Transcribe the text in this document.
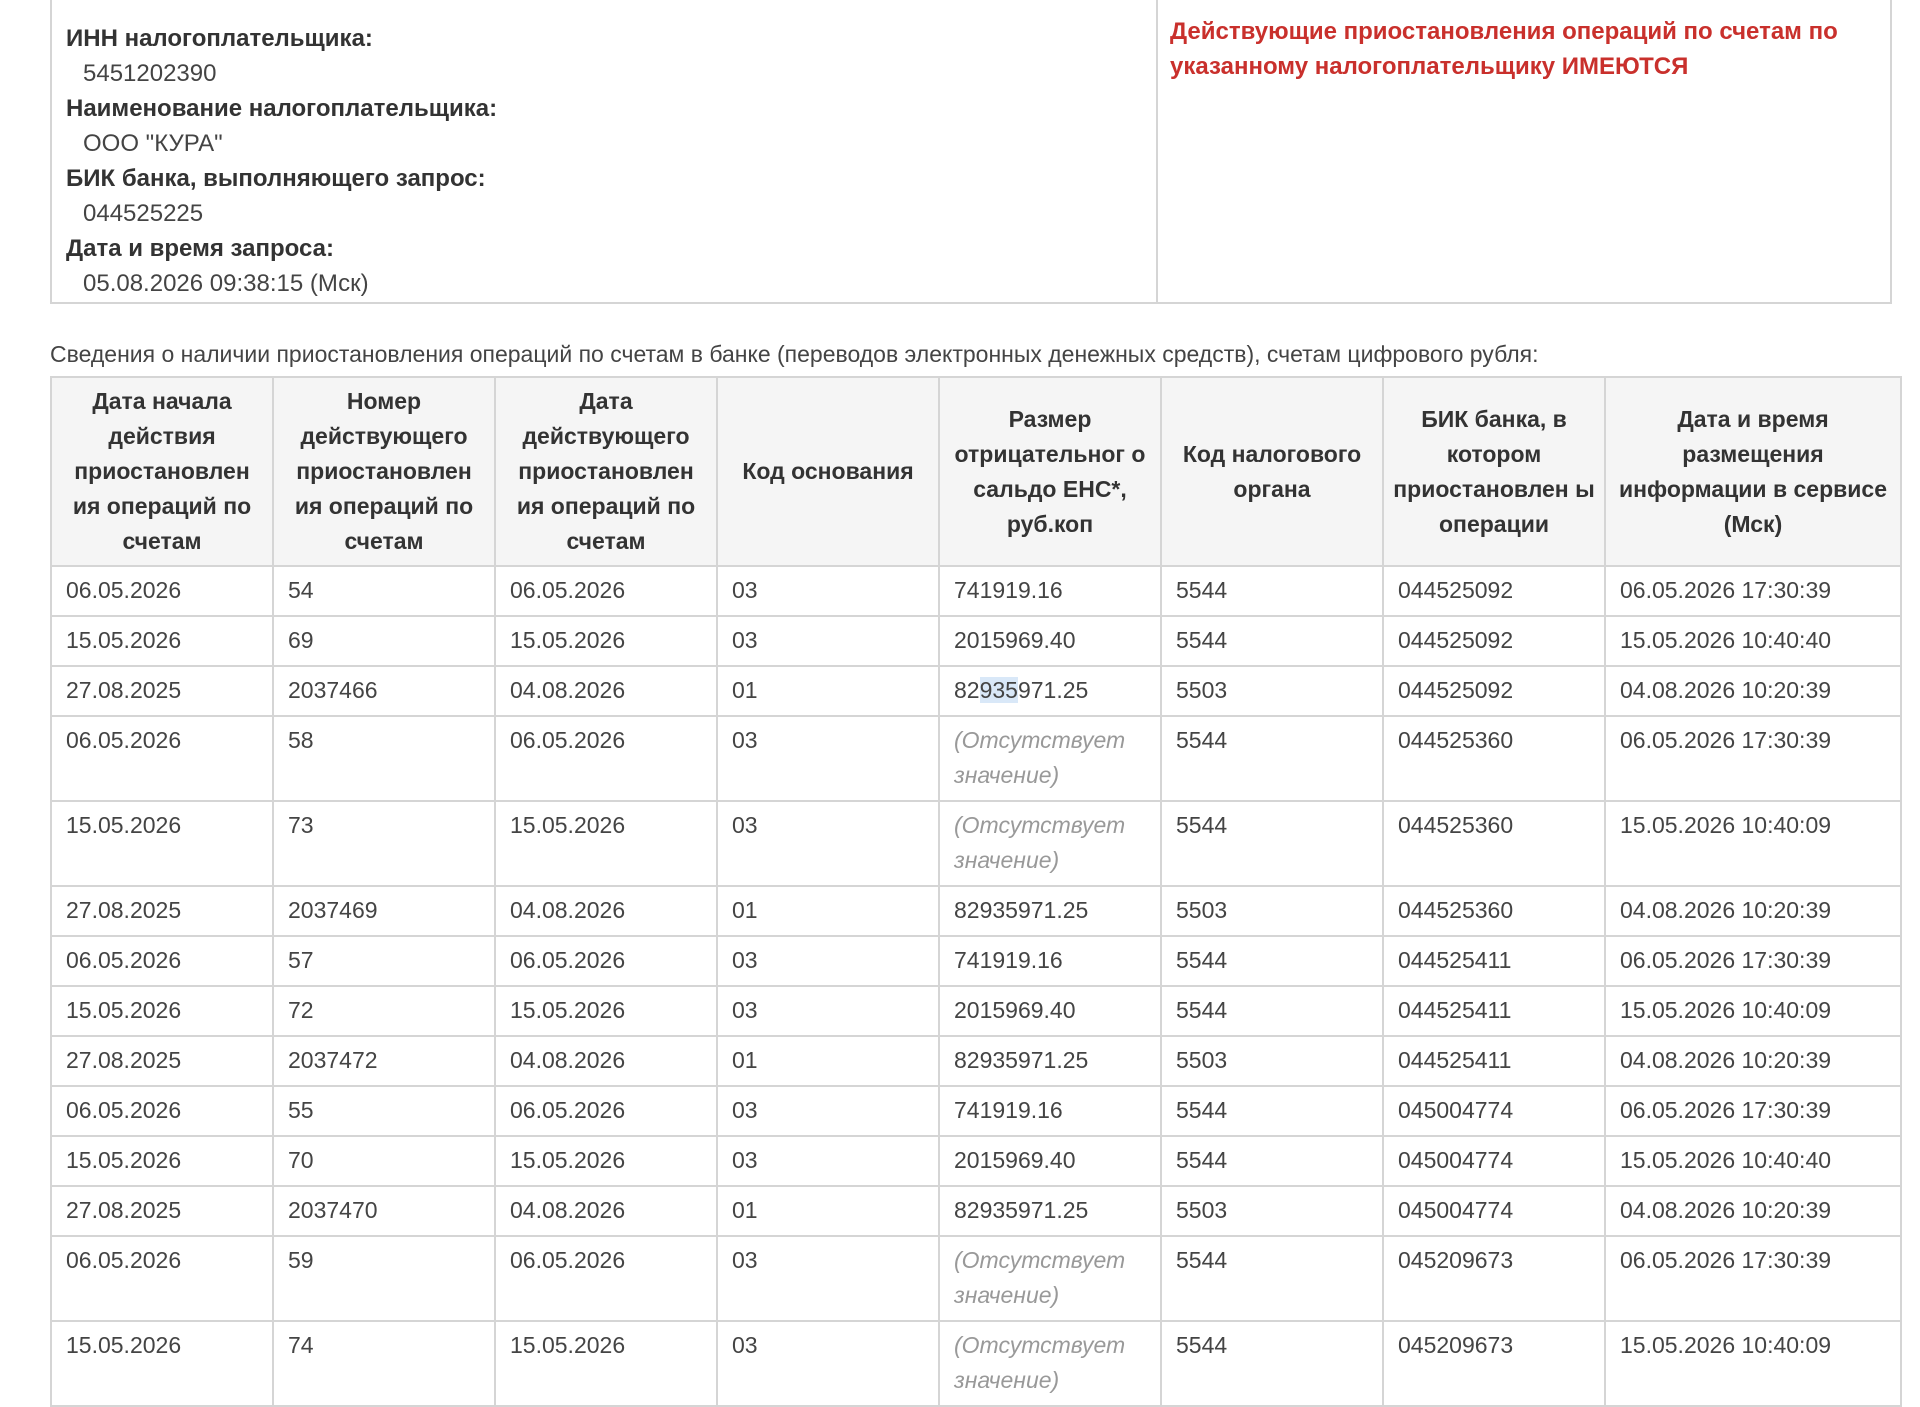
ИНН налогоплательщика:

5451202390

Наименование налогоплательщика:

ООО "КУРА"

БИК банка, выполняющего запрос:

044525225

Дата и время запроса:

05.08.2026 09:38:15 (Мск)

Действующие приостановления операций по счетам по указанному налогоплательщику ИМЕЮТСЯ
Сведения о наличии приостановления операций по счетам в банке (переводов электронных денежных средств), счетам цифрового рубля:
Дата начала действия приостановлен ия операций по счетам	Номер действующего приостановлен ия операций по счетам	Дата действующего приостановлен ия операций по счетам	Код основания	Размер отрицательног о сальдо ЕНС*, руб.коп	Код налогового органа	БИК банка, в котором приостановлен ы операции	Дата и время размещения информации в сервисе (Мск)
06.05.2026	54	06.05.2026	03	741919.16	5544	044525092	06.05.2026 17:30:39
15.05.2026	69	15.05.2026	03	2015969.40	5544	044525092	15.05.2026 10:40:40
27.08.2025	2037466	04.08.2026	01	82935971.25	5503	044525092	04.08.2026 10:20:39
06.05.2026	58	06.05.2026	03	(Отсутствует значение)	5544	044525360	06.05.2026 17:30:39
15.05.2026	73	15.05.2026	03	(Отсутствует значение)	5544	044525360	15.05.2026 10:40:09
27.08.2025	2037469	04.08.2026	01	82935971.25	5503	044525360	04.08.2026 10:20:39
06.05.2026	57	06.05.2026	03	741919.16	5544	044525411	06.05.2026 17:30:39
15.05.2026	72	15.05.2026	03	2015969.40	5544	044525411	15.05.2026 10:40:09
27.08.2025	2037472	04.08.2026	01	82935971.25	5503	044525411	04.08.2026 10:20:39
06.05.2026	55	06.05.2026	03	741919.16	5544	045004774	06.05.2026 17:30:39
15.05.2026	70	15.05.2026	03	2015969.40	5544	045004774	15.05.2026 10:40:40
27.08.2025	2037470	04.08.2026	01	82935971.25	5503	045004774	04.08.2026 10:20:39
06.05.2026	59	06.05.2026	03	(Отсутствует значение)	5544	045209673	06.05.2026 17:30:39
15.05.2026	74	15.05.2026	03	(Отсутствует значение)	5544	045209673	15.05.2026 10:40:09
